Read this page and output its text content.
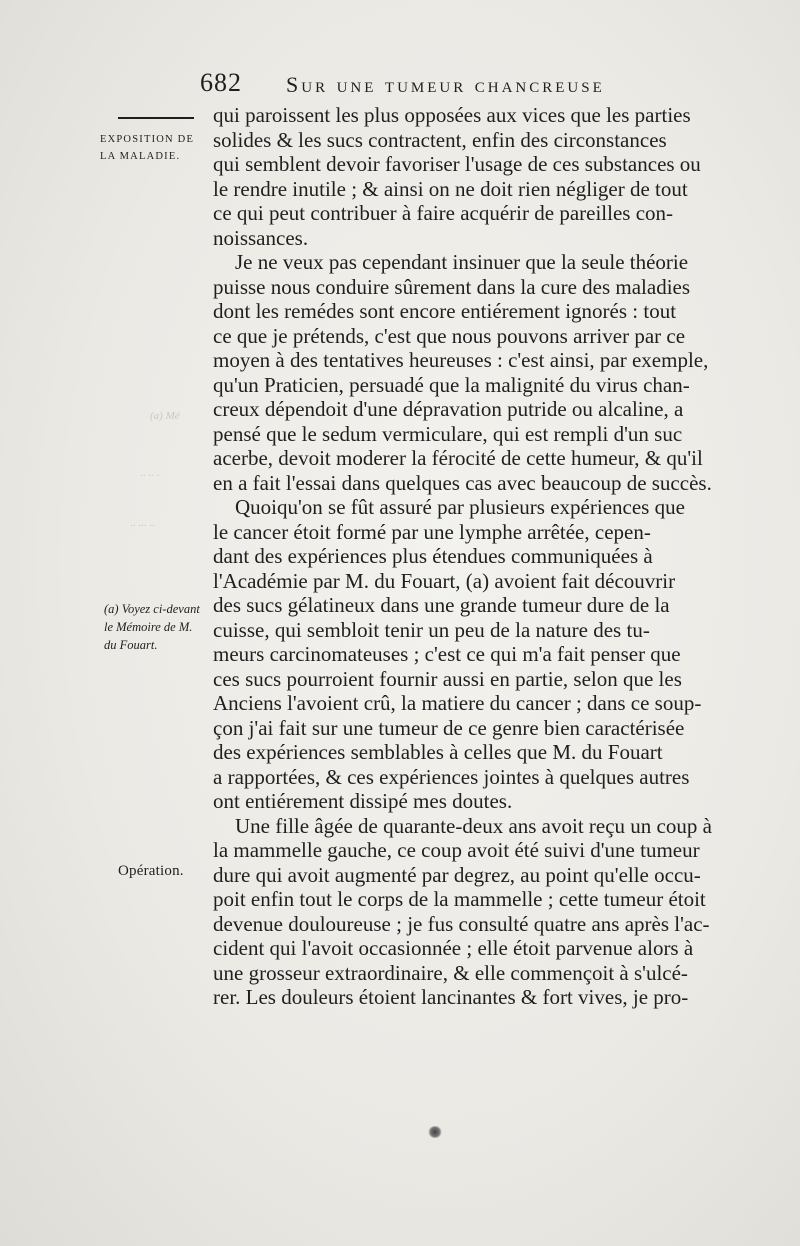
682 Sur une tumeur chancreuse
EXPOSITION DE LA MALADIE.
(a) Voyez ci-devant le Mémoire de M. du Fouart.
Opération.
(a) Mé
·· ·· ·
·· ··· ··
qui paroissent les plus opposées aux vices que les parties
solides & les sucs contractent, enfin des circonstances
qui semblent devoir favoriser l'usage de ces substances ou
le rendre inutile ; & ainsi on ne doit rien négliger de tout
ce qui peut contribuer à faire acquérir de pareilles con-
noissances.
Je ne veux pas cependant insinuer que la seule théorie
puisse nous conduire sûrement dans la cure des maladies
dont les remédes sont encore entiérement ignorés : tout
ce que je prétends, c'est que nous pouvons arriver par ce
moyen à des tentatives heureuses : c'est ainsi, par exemple,
qu'un Praticien, persuadé que la malignité du virus chan-
creux dépendoit d'une dépravation putride ou alcaline, a
pensé que le sedum vermiculare, qui est rempli d'un suc
acerbe, devoit moderer la férocité de cette humeur, & qu'il
en a fait l'essai dans quelques cas avec beaucoup de succès.
Quoiqu'on se fût assuré par plusieurs expériences que
le cancer étoit formé par une lymphe arrêtée, cepen-
dant des expériences plus étendues communiquées à
l'Académie par M. du Fouart, (a) avoient fait découvrir
des sucs gélatineux dans une grande tumeur dure de la
cuisse, qui sembloit tenir un peu de la nature des tu-
meurs carcinomateuses ; c'est ce qui m'a fait penser que
ces sucs pourroient fournir aussi en partie, selon que les
Anciens l'avoient crû, la matiere du cancer ; dans ce soup-
çon j'ai fait sur une tumeur de ce genre bien caractérisée
des expériences semblables à celles que M. du Fouart
a rapportées, & ces expériences jointes à quelques autres
ont entiérement dissipé mes doutes.
Une fille âgée de quarante-deux ans avoit reçu un coup à
la mammelle gauche, ce coup avoit été suivi d'une tumeur
dure qui avoit augmenté par degrez, au point qu'elle occu-
poit enfin tout le corps de la mammelle ; cette tumeur étoit
devenue douloureuse ; je fus consulté quatre ans après l'ac-
cident qui l'avoit occasionnée ; elle étoit parvenue alors à
une grosseur extraordinaire, & elle commençoit à s'ulcé-
rer. Les douleurs étoient lancinantes & fort vives, je pro-
